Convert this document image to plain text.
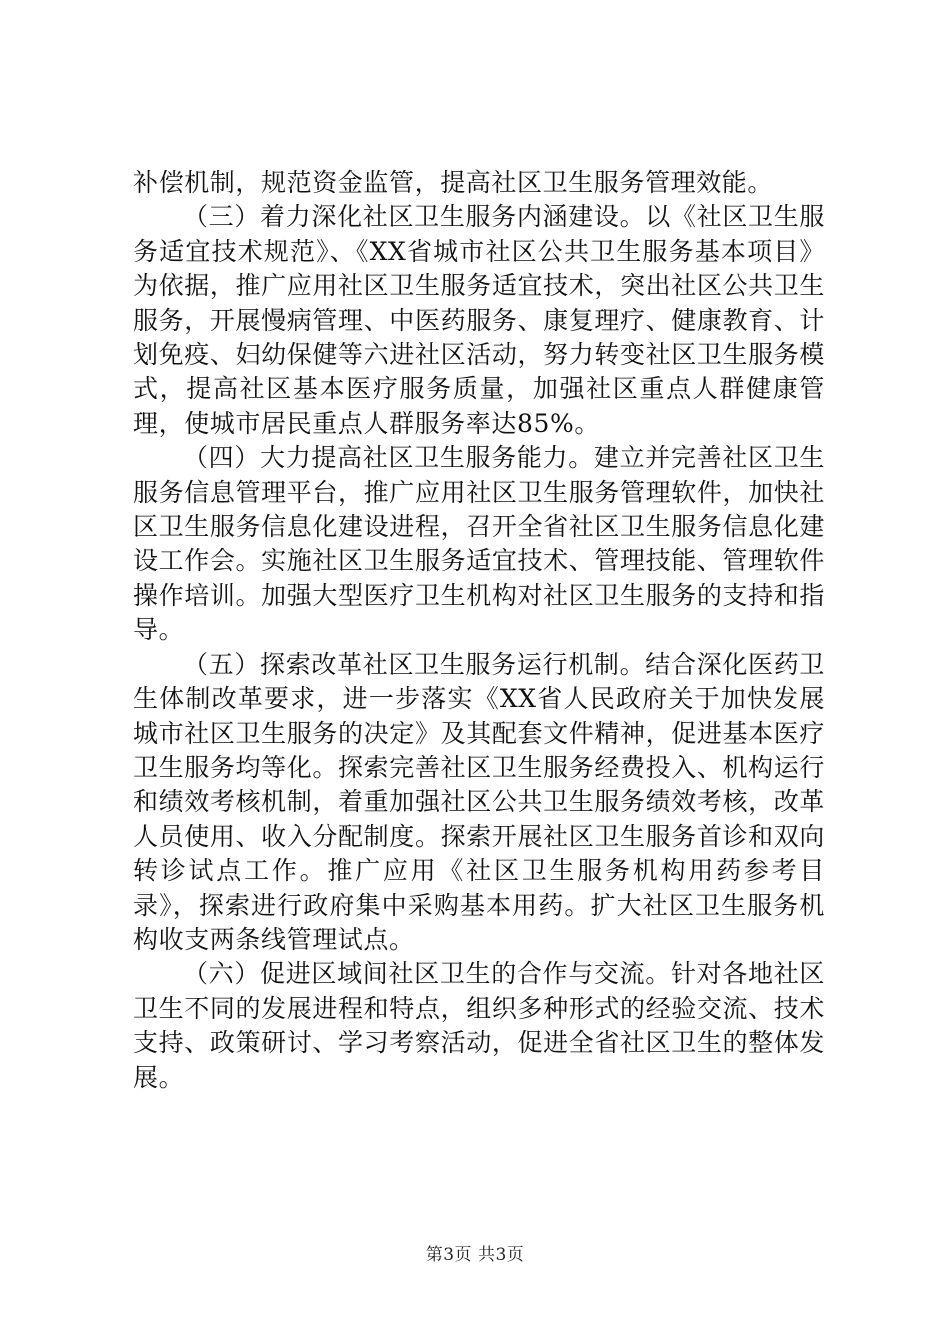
补偿机制，规范资金监管，提高社区卫生服务管理效能。

（三）着力深化社区卫生服务内涵建设。以《社区卫生服务适宜技术规范》、《XX省城市社区公共卫生服务基本项目》为依据，推广应用社区卫生服务适宜技术，突出社区公共卫生服务，开展慢病管理、中医药服务、康复理疗、健康教育、计划免疫、妇幼保健等六进社区活动，努力转变社区卫生服务模式，提高社区基本医疗服务质量，加强社区重点人群健康管理，使城市居民重点人群服务率达85%。

（四）大力提高社区卫生服务能力。建立并完善社区卫生服务信息管理平台，推广应用社区卫生服务管理软件，加快社区卫生服务信息化建设进程，召开全省社区卫生服务信息化建设工作会。实施社区卫生服务适宜技术、管理技能、管理软件操作培训。加强大型医疗卫生机构对社区卫生服务的支持和指导。

（五）探索改革社区卫生服务运行机制。结合深化医药卫生体制改革要求，进一步落实《XX省人民政府关于加快发展城市社区卫生服务的决定》及其配套文件精神，促进基本医疗卫生服务均等化。探索完善社区卫生服务经费投入、机构运行和绩效考核机制，着重加强社区公共卫生服务绩效考核，改革人员使用、收入分配制度。探索开展社区卫生服务首诊和双向转诊试点工作。推广应用《社区卫生服务机构用药参考目录》，探索进行政府集中采购基本用药。扩大社区卫生服务机构收支两条线管理试点。

（六）促进区域间社区卫生的合作与交流。针对各地社区卫生不同的发展进程和特点，组织多种形式的经验交流、技术支持、政策研讨、学习考察活动，促进全省社区卫生的整体发展。

第3页 共3页
